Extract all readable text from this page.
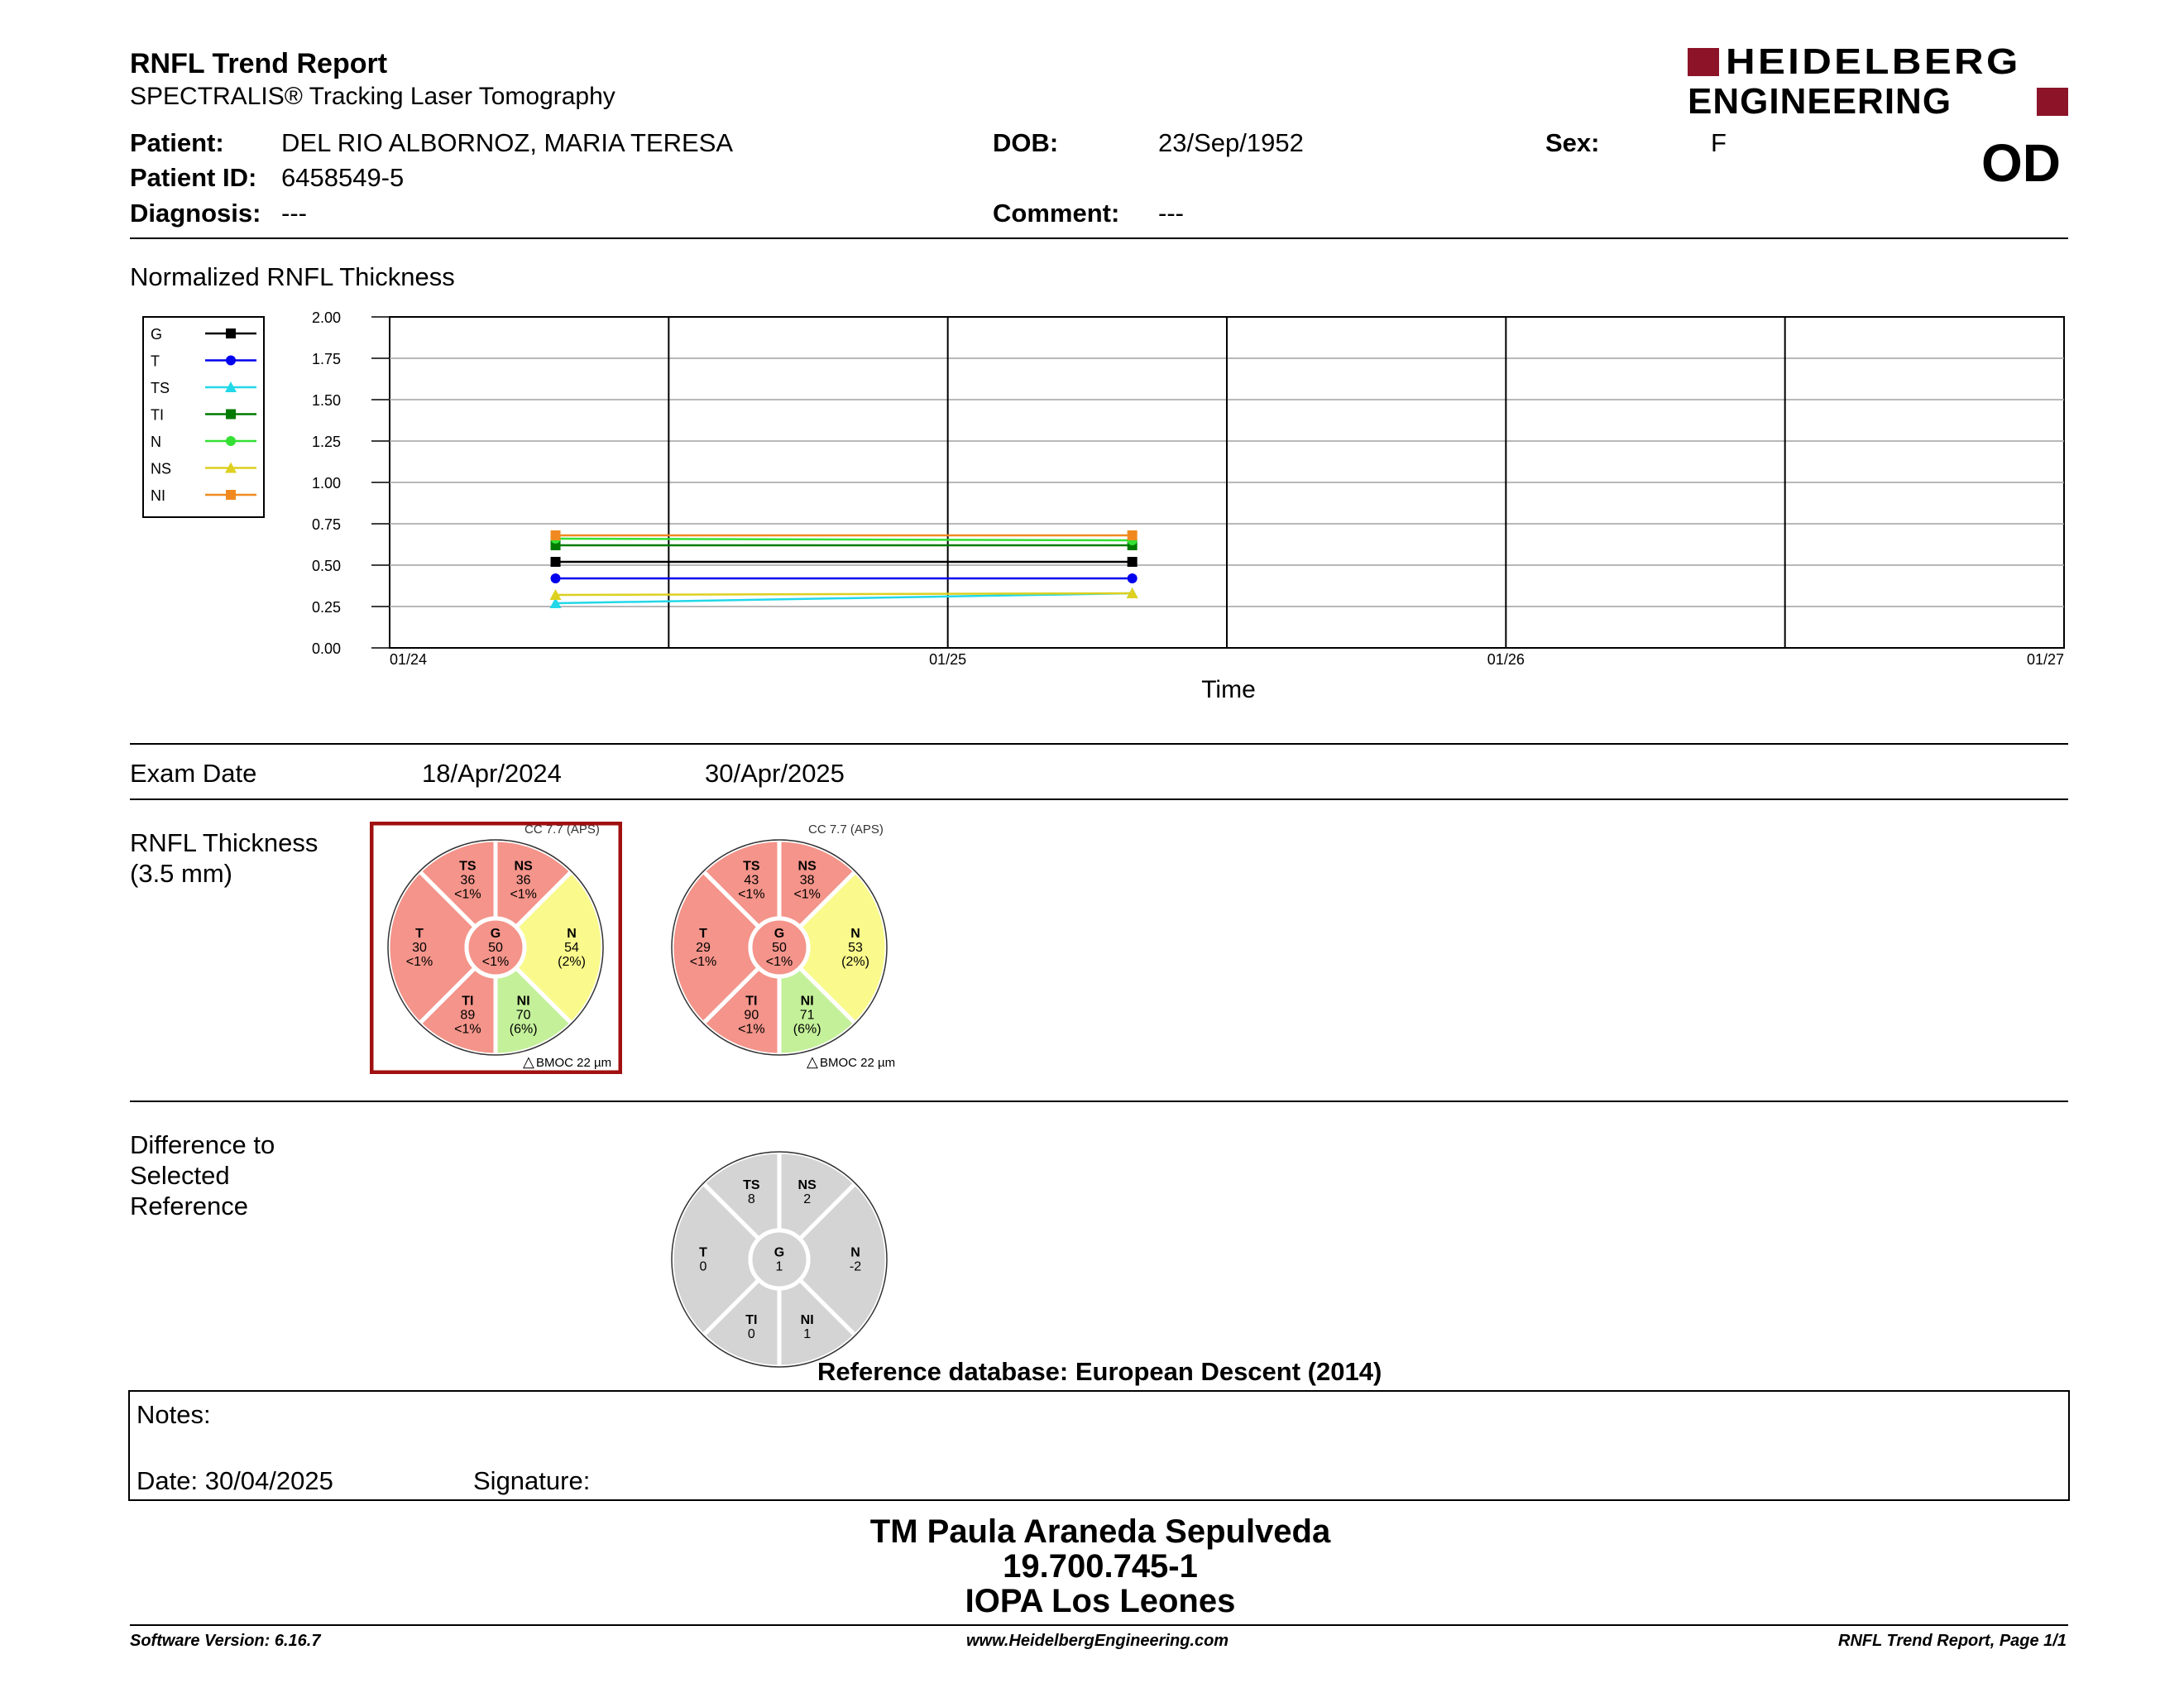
RNFL Trend Report
SPECTRALIS® Tracking Laser Tomography
HEIDELBERG
ENGINEERING
OD
Patient: DEL RIO ALBORNOZ, MARIA TERESA
Patient ID: 6458549-5
Diagnosis: ---
DOB:	23/Sep/1952
Comment: ---
Sex:	F
Normalized RNFL Thickness
G
T
TS
TI
N
NS
NI
0.00
0.25
0.50
0.75
1.00
1.25
1.50
1.75
2.00
01/24	01/25	01/26	01/27
Time
Exam Date	18/Apr/2024	30/Apr/2025
RNFL Thickness
(3.5 mm)
N
54
(2%)
NS
36
<1%
TS
36
<1%
T
30
<1%
TI
89
<1%
NI
70
(6%)
G
50
<1%
CC 7.7 (APS)
△ BMOC 22 µm
N
53
(2%)
NS
38
<1%
TS
43
<1%
T
29
<1%
TI
90
<1%
NI
71
(6%)
G
50
<1%
CC 7.7 (APS)
△ BMOC 22 µm
Difference to
Selected
Reference
N
-2
NS
2
TS
8
T
0
TI
0
NI
1
G
1
Reference database: European Descent (2014)
Notes:
Date: 30/04/2025	Signature:
TM Paula Araneda Sepulveda
19.700.745-1
IOPA Los Leones
Software Version: 6.16.7	www.HeidelbergEngineering.com	RNFL Trend Report, Page 1/1
